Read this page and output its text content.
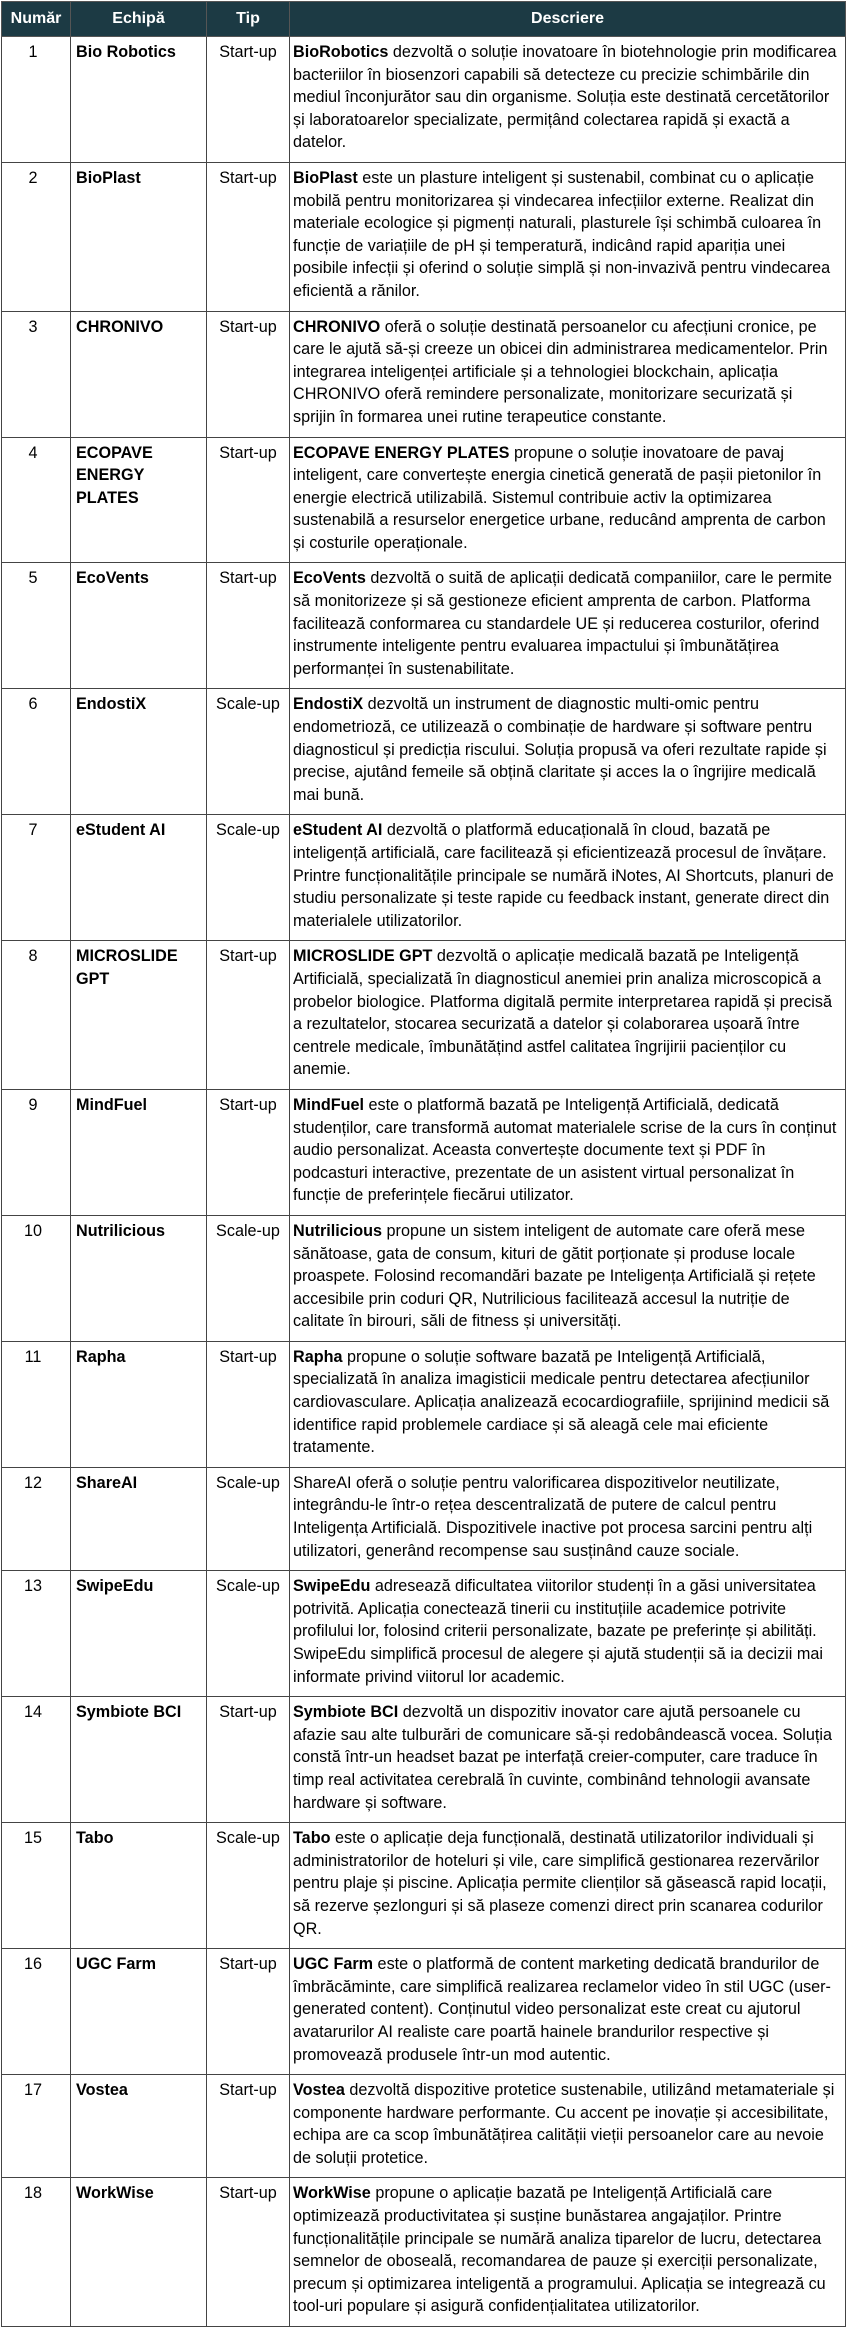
Număr	Echipă	Tip	Descriere
1	Bio Robotics	Start-up	BioRobotics dezvoltă o soluție inovatoare în biotehnologie prin modificarea bacteriilor în biosenzori capabili să detecteze cu precizie schimbările din mediul înconjurător sau din organisme. Soluția este destinată cercetătorilor și laboratoarelor specializate, permițând colectarea rapidă și exactă a datelor.
2	BioPlast	Start-up	BioPlast este un plasture inteligent și sustenabil, combinat cu o aplicație mobilă pentru monitorizarea și vindecarea infecțiilor externe. Realizat din materiale ecologice și pigmenți naturali, plasturele își schimbă culoarea în funcție de variațiile de pH și temperatură, indicând rapid apariția unei posibile infecții și oferind o soluție simplă și non-invazivă pentru vindecarea eficientă a rănilor.
3	CHRONIVO	Start-up	CHRONIVO oferă o soluție destinată persoanelor cu afecțiuni cronice, pe care le ajută să-și creeze un obicei din administrarea medicamentelor. Prin integrarea inteligenței artificiale și a tehnologiei blockchain, aplicația CHRONIVO oferă remindere personalizate, monitorizare securizată și sprijin în formarea unei rutine terapeutice constante.
4	ECOPAVE ENERGY PLATES	Start-up	ECOPAVE ENERGY PLATES propune o soluție inovatoare de pavaj inteligent, care convertește energia cinetică generată de pașii pietonilor în energie electrică utilizabilă. Sistemul contribuie activ la optimizarea sustenabilă a resurselor energetice urbane, reducând amprenta de carbon și costurile operaționale.
5	EcoVents	Start-up	EcoVents dezvoltă o suită de aplicații dedicată companiilor, care le permite să monitorizeze și să gestioneze eficient amprenta de carbon. Platforma facilitează conformarea cu standardele UE și reducerea costurilor, oferind instrumente inteligente pentru evaluarea impactului și îmbunătățirea performanței în sustenabilitate.
6	EndostiX	Scale-up	EndostiX dezvoltă un instrument de diagnostic multi-omic pentru endometrioză, ce utilizează o combinație de hardware și software pentru diagnosticul și predicția riscului. Soluția propusă va oferi rezultate rapide și precise, ajutând femeile să obțină claritate și acces la o îngrijire medicală mai bună.
7	eStudent AI	Scale-up	eStudent AI dezvoltă o platformă educațională în cloud, bazată pe inteligență artificială, care facilitează și eficientizează procesul de învățare. Printre funcționalitățile principale se numără iNotes, AI Shortcuts, planuri de studiu personalizate și teste rapide cu feedback instant, generate direct din materialele utilizatorilor.
8	MICROSLIDE GPT	Start-up	MICROSLIDE GPT dezvoltă o aplicație medicală bazată pe Inteligență Artificială, specializată în diagnosticul anemiei prin analiza microscopică a probelor biologice. Platforma digitală permite interpretarea rapidă și precisă a rezultatelor, stocarea securizată a datelor și colaborarea ușoară între centrele medicale, îmbunătățind astfel calitatea îngrijirii pacienților cu anemie.
9	MindFuel	Start-up	MindFuel este o platformă bazată pe Inteligență Artificială, dedicată studenților, care transformă automat materialele scrise de la curs în conținut audio personalizat. Aceasta convertește documente text și PDF în podcasturi interactive, prezentate de un asistent virtual personalizat în funcție de preferințele fiecărui utilizator.
10	Nutrilicious	Scale-up	Nutrilicious propune un sistem inteligent de automate care oferă mese sănătoase, gata de consum, kituri de gătit porționate și produse locale proaspete. Folosind recomandări bazate pe Inteligența Artificială și rețete accesibile prin coduri QR, Nutrilicious facilitează accesul la nutriție de calitate în birouri, săli de fitness și universități.
11	Rapha	Start-up	Rapha propune o soluție software bazată pe Inteligență Artificială, specializată în analiza imagisticii medicale pentru detectarea afecțiunilor cardiovasculare. Aplicația analizează ecocardiografiile, sprijinind medicii să identifice rapid problemele cardiace și să aleagă cele mai eficiente tratamente.
12	ShareAI	Scale-up	ShareAI oferă o soluție pentru valorificarea dispozitivelor neutilizate, integrându-le într-o rețea descentralizată de putere de calcul pentru Inteligența Artificială. Dispozitivele inactive pot procesa sarcini pentru alți utilizatori, generând recompense sau susținând cauze sociale.
13	SwipeEdu	Scale-up	SwipeEdu adresează dificultatea viitorilor studenți în a găsi universitatea potrivită. Aplicația conectează tinerii cu instituțiile academice potrivite profilului lor, folosind criterii personalizate, bazate pe preferințe și abilități. SwipeEdu simplifică procesul de alegere și ajută studenții să ia decizii mai informate privind viitorul lor academic.
14	Symbiote BCI	Start-up	Symbiote BCI dezvoltă un dispozitiv inovator care ajută persoanele cu afazie sau alte tulburări de comunicare să-și redobândească vocea. Soluția constă într-un headset bazat pe interfață creier-computer, care traduce în timp real activitatea cerebrală în cuvinte, combinând tehnologii avansate hardware și software.
15	Tabo	Scale-up	Tabo este o aplicație deja funcțională, destinată utilizatorilor individuali și administratorilor de hoteluri și vile, care simplifică gestionarea rezervărilor pentru plaje și piscine. Aplicația permite clienților să găsească rapid locații, să rezerve șezlonguri și să plaseze comenzi direct prin scanarea codurilor QR.
16	UGC Farm	Start-up	UGC Farm este o platformă de content marketing dedicată brandurilor de îmbrăcăminte, care simplifică realizarea reclamelor video în stil UGC (user-generated content). Conținutul video personalizat este creat cu ajutorul avatarurilor AI realiste care poartă hainele brandurilor respective și promovează produsele într-un mod autentic.
17	Vostea	Start-up	Vostea dezvoltă dispozitive protetice sustenabile, utilizând metamateriale și componente hardware performante. Cu accent pe inovație și accesibilitate, echipa are ca scop îmbunătățirea calității vieții persoanelor care au nevoie de soluții protetice.
18	WorkWise	Start-up	WorkWise propune o aplicație bazată pe Inteligență Artificială care optimizează productivitatea și susține bunăstarea angajaților. Printre funcționalitățile principale se numără analiza tiparelor de lucru, detectarea semnelor de oboseală, recomandarea de pauze și exerciții personalizate, precum și optimizarea inteligentă a programului. Aplicația se integrează cu tool-uri populare și asigură confidențialitatea utilizatorilor.
